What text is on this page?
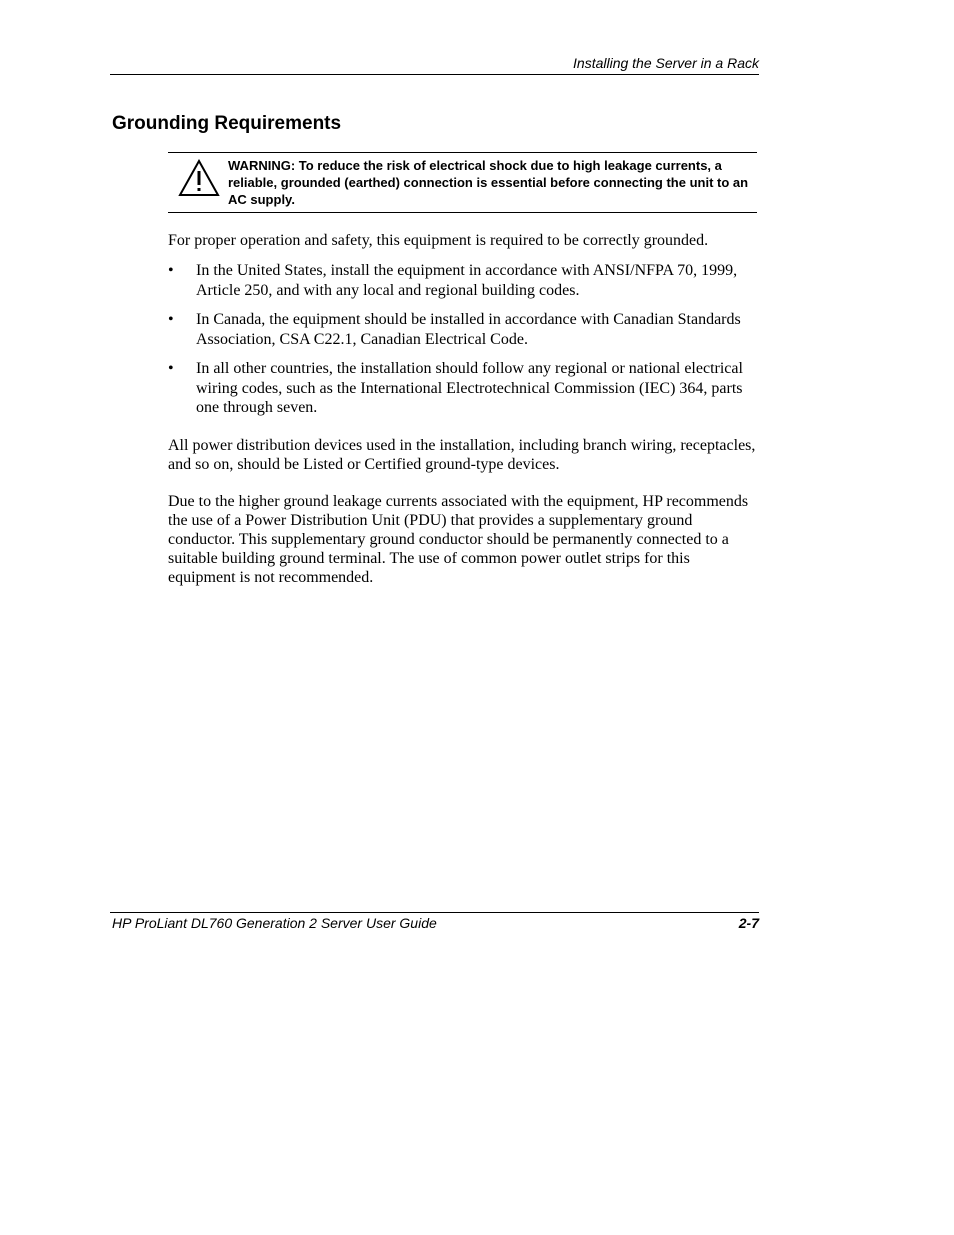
Installing the Server in a Rack
Grounding Requirements
WARNING: To reduce the risk of electrical shock due to high leakage currents, a reliable, grounded (earthed) connection is essential before connecting the unit to an AC supply.

For proper operation and safety, this equipment is required to be correctly grounded.

• In the United States, install the equipment in accordance with ANSI/NFPA 70, 1999, Article 250, and with any local and regional building codes.
• In Canada, the equipment should be installed in accordance with Canadian Standards Association, CSA C22.1, Canadian Electrical Code.
• In all other countries, the installation should follow any regional or national electrical wiring codes, such as the International Electrotechnical Commission (IEC) 364, parts one through seven.

All power distribution devices used in the installation, including branch wiring, receptacles, and so on, should be Listed or Certified ground-type devices.

Due to the higher ground leakage currents associated with the equipment, HP recommends the use of a Power Distribution Unit (PDU) that provides a supplementary ground conductor. This supplementary ground conductor should be permanently connected to a suitable building ground terminal. The use of common power outlet strips for this equipment is not recommended.

HP ProLiant DL760 Generation 2 Server User Guide	2-7
